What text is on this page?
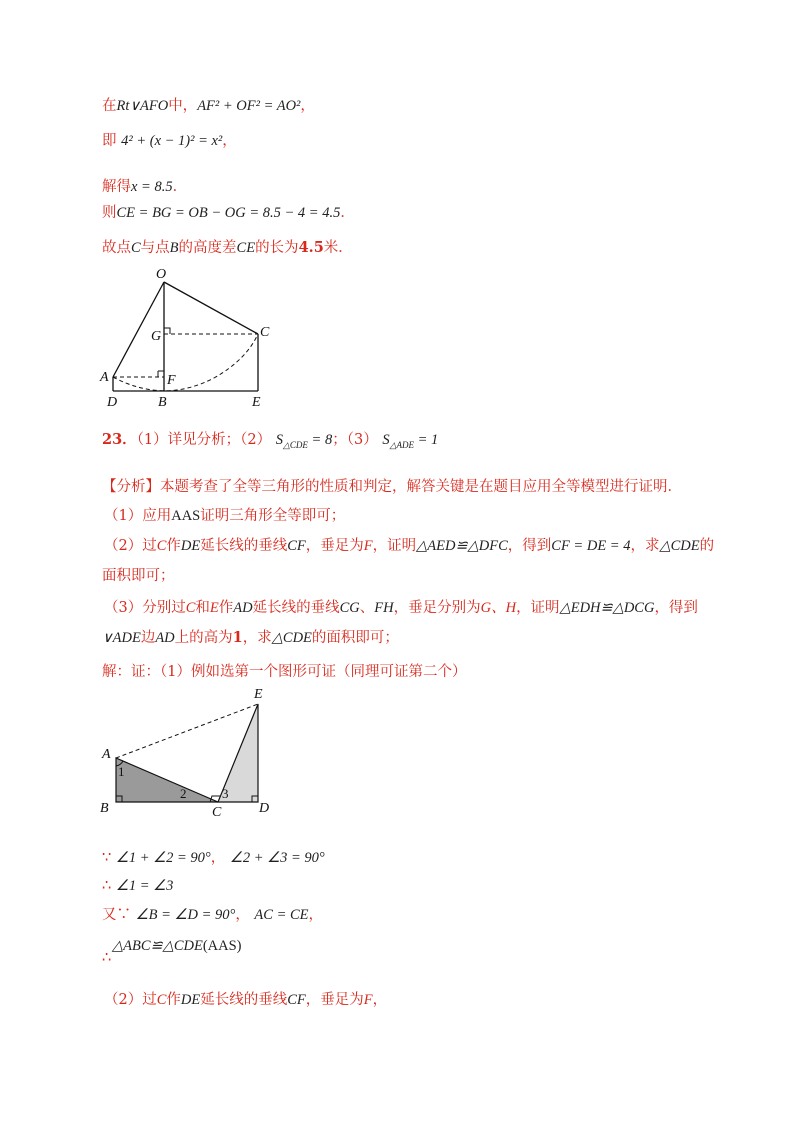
在Rt∨AFO中，AF² + OF² = AO²，
即 4² + (x − 1)² = x²，
解得x = 8.5．
则CE = BG = OB − OG = 8.5 − 4 = 4.5．
故点C与点B的高度差CE的长为4.5米．
O
G	C
A	F
D	B	E
23．（1）详见分析；（2） $S_{\triangle CDE} = 8$；（3） $S_{\triangle ADE} = 1$
【分析】本题考查了全等三角形的性质和判定，解答关键是在题目应用全等模型进行证明．
（1）应用AAS证明三角形全等即可；
（2）过C作DE延长线的垂线CF，垂足为F，证明△AED≌△DFC，得到CF = DE = 4，求△CDE的
面积即可；
（3）分别过C和E作AD延长线的垂线CG、FH，垂足分别为G、H，证明△EDH≌△DCG，得到
∨ADE边AD上的高为1，求△CDE的面积即可；
解：证：（1）例如选第一个图形可证（同理可证第二个）
E
A
1
B
2	3
C	D
∵ ∠1 + ∠2 = 90°， ∠2 + ∠3 = 90°
∴ ∠1 = ∠3
又∵ ∠B = ∠D = 90°， AC = CE，
△ABC≌△CDE(AAS)
∴
（2）过C作DE延长线的垂线CF，垂足为F，
